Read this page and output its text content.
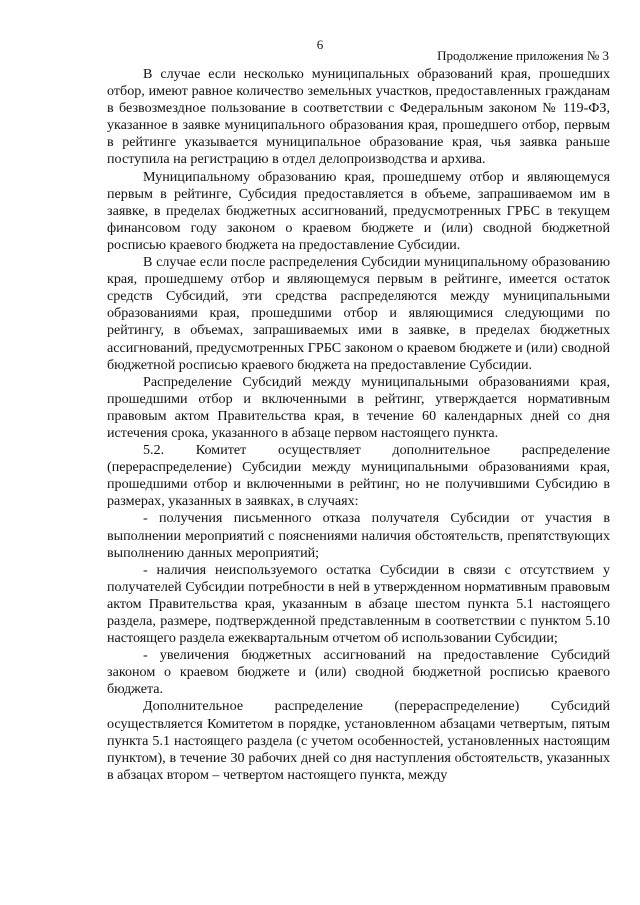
6
Продолжение приложения № 3

В случае если несколько муниципальных образований края, прошедших отбор, имеют равное количество земельных участков, предоставленных гражданам в безвозмездное пользование в соответствии с Федеральным законом № 119-ФЗ, указанное в заявке муниципального образования края, прошедшего отбор, первым в рейтинге указывается муниципальное образование края, чья заявка раньше поступила на регистрацию в отдел делопроизводства и архива.

Муниципальному образованию края, прошедшему отбор и являющемуся первым в рейтинге, Субсидия предоставляется в объеме, запрашиваемом им в заявке, в пределах бюджетных ассигнований, предусмотренных ГРБС в текущем финансовом году законом о краевом бюджете и (или) сводной бюджетной росписью краевого бюджета на предоставление Субсидии.

В случае если после распределения Субсидии муниципальному образованию края, прошедшему отбор и являющемуся первым в рейтинге, имеется остаток средств Субсидий, эти средства распределяются между муниципальными образованиями края, прошедшими отбор и являющимися следующими по рейтингу, в объемах, запрашиваемых ими в заявке, в пределах бюджетных ассигнований, предусмотренных ГРБС законом о краевом бюджете и (или) сводной бюджетной росписью краевого бюджета на предоставление Субсидии.

Распределение Субсидий между муниципальными образованиями края, прошедшими отбор и включенными в рейтинг, утверждается нормативным правовым актом Правительства края, в течение 60 календарных дней со дня истечения срока, указанного в абзаце первом настоящего пункта.

5.2. Комитет осуществляет дополнительное распределение (перераспределение) Субсидии между муниципальными образованиями края, прошедшими отбор и включенными в рейтинг, но не получившими Субсидию в размерах, указанных в заявках, в случаях:

- получения письменного отказа получателя Субсидии от участия в выполнении мероприятий с пояснениями наличия обстоятельств, препятствующих выполнению данных мероприятий;

- наличия неиспользуемого остатка Субсидии в связи с отсутствием у получателей Субсидии потребности в ней в утвержденном нормативным правовым актом Правительства края, указанным в абзаце шестом пункта 5.1 настоящего раздела, размере, подтвержденной представленным в соответствии с пунктом 5.10 настоящего раздела ежеквартальным отчетом об использовании Субсидии;

- увеличения бюджетных ассигнований на предоставление Субсидий законом о краевом бюджете и (или) сводной бюджетной росписью краевого бюджета.

Дополнительное распределение (перераспределение) Субсидий осуществляется Комитетом в порядке, установленном абзацами четвертым, пятым пункта 5.1 настоящего раздела (с учетом особенностей, установленных настоящим пунктом), в течение 30 рабочих дней со дня наступления обстоятельств, указанных в абзацах втором – четвертом настоящего пункта, между
